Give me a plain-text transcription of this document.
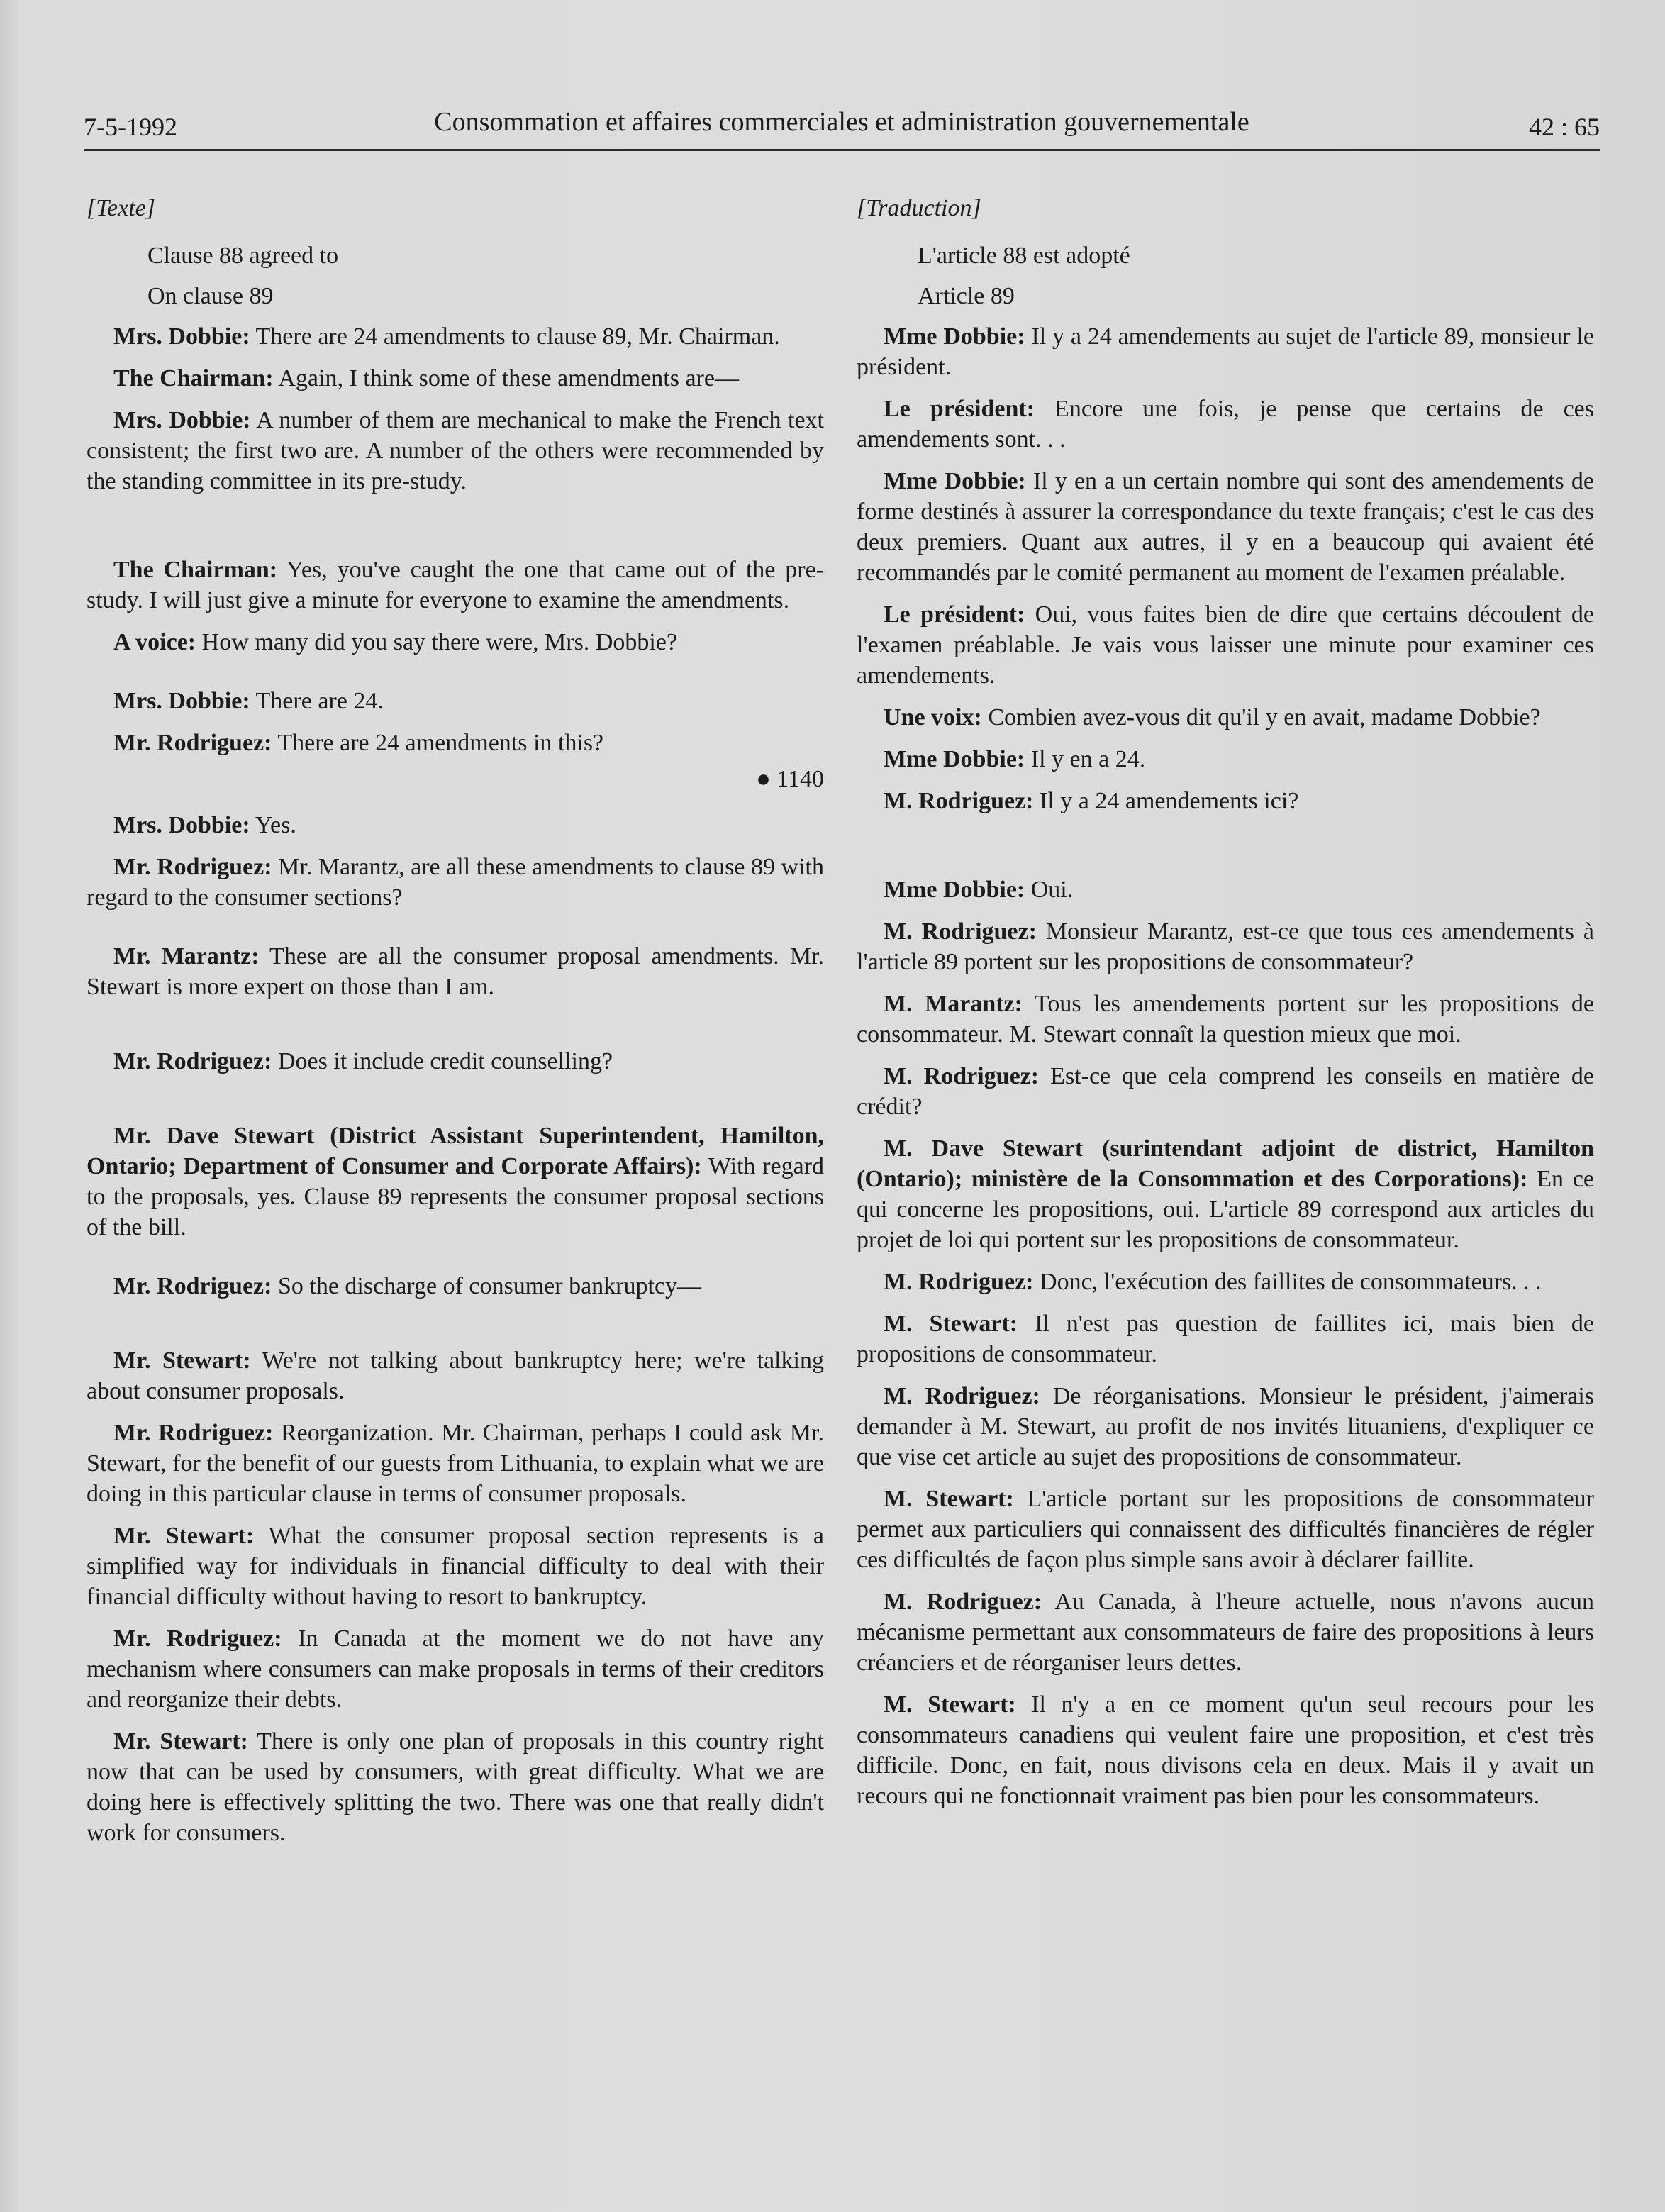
7-5-1992	Consommation et affaires commerciales et administration gouvernementale	42 : 65

[Texte]

Clause 88 agreed to

On clause 89

Mrs. Dobbie: There are 24 amendments to clause 89, Mr. Chairman.

The Chairman: Again, I think some of these amendments are—

Mrs. Dobbie: A number of them are mechanical to make the French text consistent; the first two are. A number of the others were recommended by the standing committee in its pre-study.

The Chairman: Yes, you've caught the one that came out of the pre-study. I will just give a minute for everyone to examine the amendments.

A voice: How many did you say there were, Mrs. Dobbie?

Mrs. Dobbie: There are 24.

Mr. Rodriguez: There are 24 amendments in this?

● 1140

Mrs. Dobbie: Yes.

Mr. Rodriguez: Mr. Marantz, are all these amendments to clause 89 with regard to the consumer sections?

Mr. Marantz: These are all the consumer proposal amendments. Mr. Stewart is more expert on those than I am.

Mr. Rodriguez: Does it include credit counselling?

Mr. Dave Stewart (District Assistant Superintendent, Hamilton, Ontario; Department of Consumer and Corporate Affairs): With regard to the proposals, yes. Clause 89 represents the consumer proposal sections of the bill.

Mr. Rodriguez: So the discharge of consumer bankruptcy—

Mr. Stewart: We're not talking about bankruptcy here; we're talking about consumer proposals.

Mr. Rodriguez: Reorganization. Mr. Chairman, perhaps I could ask Mr. Stewart, for the benefit of our guests from Lithuania, to explain what we are doing in this particular clause in terms of consumer proposals.

Mr. Stewart: What the consumer proposal section represents is a simplified way for individuals in financial difficulty to deal with their financial difficulty without having to resort to bankruptcy.

Mr. Rodriguez: In Canada at the moment we do not have any mechanism where consumers can make proposals in terms of their creditors and reorganize their debts.

Mr. Stewart: There is only one plan of proposals in this country right now that can be used by consumers, with great difficulty. What we are doing here is effectively splitting the two. There was one that really didn't work for consumers.

[Traduction]

L'article 88 est adopté

Article 89

Mme Dobbie: Il y a 24 amendements au sujet de l'article 89, monsieur le président.

Le président: Encore une fois, je pense que certains de ces amendements sont. . .

Mme Dobbie: Il y en a un certain nombre qui sont des amendements de forme destinés à assurer la correspondance du texte français; c'est le cas des deux premiers. Quant aux autres, il y en a beaucoup qui avaient été recommandés par le comité permanent au moment de l'examen préalable.

Le président: Oui, vous faites bien de dire que certains découlent de l'examen préablable. Je vais vous laisser une minute pour examiner ces amendements.

Une voix: Combien avez-vous dit qu'il y en avait, madame Dobbie?

Mme Dobbie: Il y en a 24.

M. Rodriguez: Il y a 24 amendements ici?

Mme Dobbie: Oui.

M. Rodriguez: Monsieur Marantz, est-ce que tous ces amendements à l'article 89 portent sur les propositions de consommateur?

M. Marantz: Tous les amendements portent sur les propositions de consommateur. M. Stewart connaît la question mieux que moi.

M. Rodriguez: Est-ce que cela comprend les conseils en matière de crédit?

M. Dave Stewart (surintendant adjoint de district, Hamilton (Ontario); ministère de la Consommation et des Corporations): En ce qui concerne les propositions, oui. L'article 89 correspond aux articles du projet de loi qui portent sur les propositions de consommateur.

M. Rodriguez: Donc, l'exécution des faillites de consommateurs. . .

M. Stewart: Il n'est pas question de faillites ici, mais bien de propositions de consommateur.

M. Rodriguez: De réorganisations. Monsieur le président, j'aimerais demander à M. Stewart, au profit de nos invités lituaniens, d'expliquer ce que vise cet article au sujet des propositions de consommateur.

M. Stewart: L'article portant sur les propositions de consommateur permet aux particuliers qui connaissent des difficultés financières de régler ces difficultés de façon plus simple sans avoir à déclarer faillite.

M. Rodriguez: Au Canada, à l'heure actuelle, nous n'avons aucun mécanisme permettant aux consommateurs de faire des propositions à leurs créanciers et de réorganiser leurs dettes.

M. Stewart: Il n'y a en ce moment qu'un seul recours pour les consommateurs canadiens qui veulent faire une proposition, et c'est très difficile. Donc, en fait, nous divisons cela en deux. Mais il y avait un recours qui ne fonctionnait vraiment pas bien pour les consommateurs.
